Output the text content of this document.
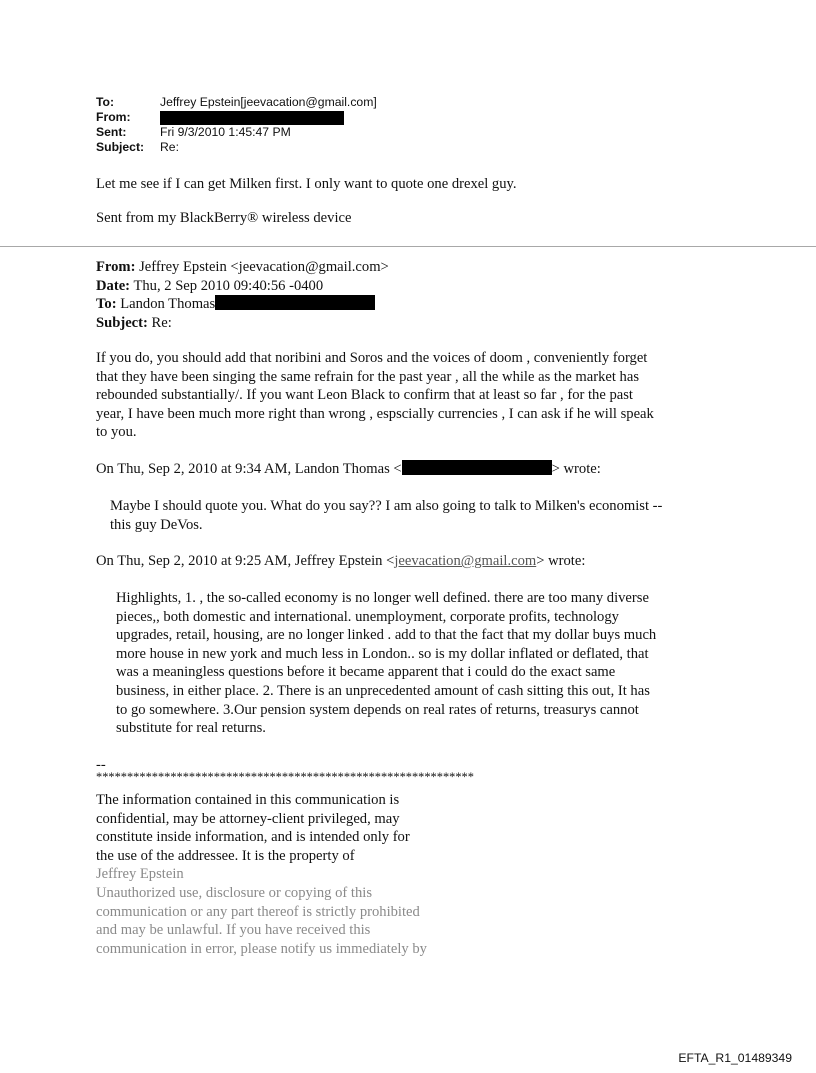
To:	Jeffrey Epstein[jeevacation@gmail.com]
From:
Sent:	Fri 9/3/2010 1:45:47 PM
Subject: Re:
Let me see if I can get Milken first. I only want to quote one drexel guy.
Sent from my BlackBerry® wireless device
From: Jeffrey Epstein <jeevacation@gmail.com>
Date: Thu, 2 Sep 2010 09:40:56 -0400
To: Landon Thomas
Subject: Re:
If you do, you should add that noribini and Soros and the voices of doom , conveniently forget
that they have been singing the same refrain for the past year , all the while as the market has
rebounded substantially/. If you want Leon Black to confirm that at least so far , for the past
year, I have been much more right than wrong , espscially currencies , I can ask if he will speak
to you.
On Thu, Sep 2, 2010 at 9:34 AM, Landon Thomas <	> wrote:
Maybe I should quote you. What do you say?? I am also going to talk to Milken's economist --
this guy DeVos.
On Thu, Sep 2, 2010 at 9:25 AM, Jeffrey Epstein <jeevacation@gmail.com> wrote:
Highlights, 1. , the so-called economy is no longer well defined. there are too many diverse
pieces,, both domestic and international. unemployment, corporate profits, technology
upgrades, retail, housing, are no longer linked . add to that the fact that my dollar buys much
more house in new york and much less in London.. so is my dollar inflated or deflated, that
was a meaningless questions before it became apparent that i could do the exact same
business, in either place. 2. There is an unprecedented amount of cash sitting this out, It has
to go somewhere. 3.Our pension system depends on real rates of returns, treasurys cannot
substitute for real returns.
--
*************************************************************
The information contained in this communication is
confidential, may be attorney-client privileged, may
constitute inside information, and is intended only for
the use of the addressee. It is the property of
Jeffrey Epstein
Unauthorized use, disclosure or copying of this
communication or any part thereof is strictly prohibited
and may be unlawful. If you have received this
communication in error, please notify us immediately by
EFTA_R1_01489349
